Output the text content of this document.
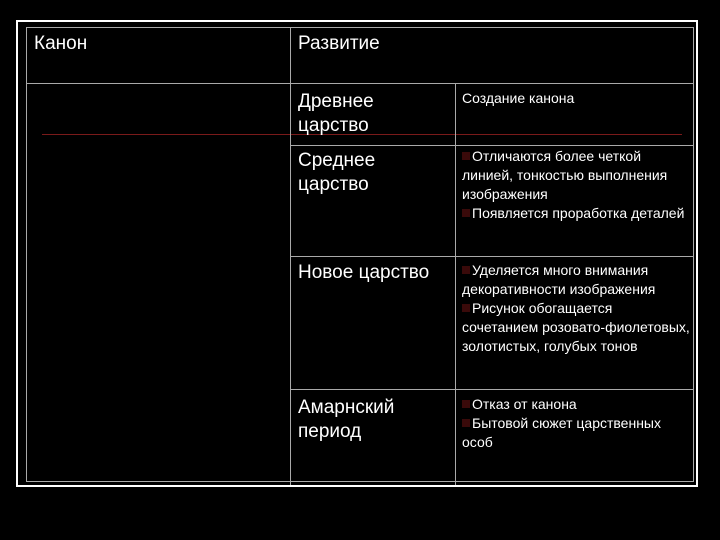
Канон	Развитие
Древнее царство
Среднее царство
Новое царство
Амарнский период
Создание канона
Отличаются более четкой линией, тонкостью выполнения изображения
Появляется проработка деталей
Уделяется много внимания декоративности изображения
Рисунок обогащается сочетанием розовато-фиолетовых, золотистых, голубых тонов
Отказ от канона
Бытовой сюжет царственных особ
